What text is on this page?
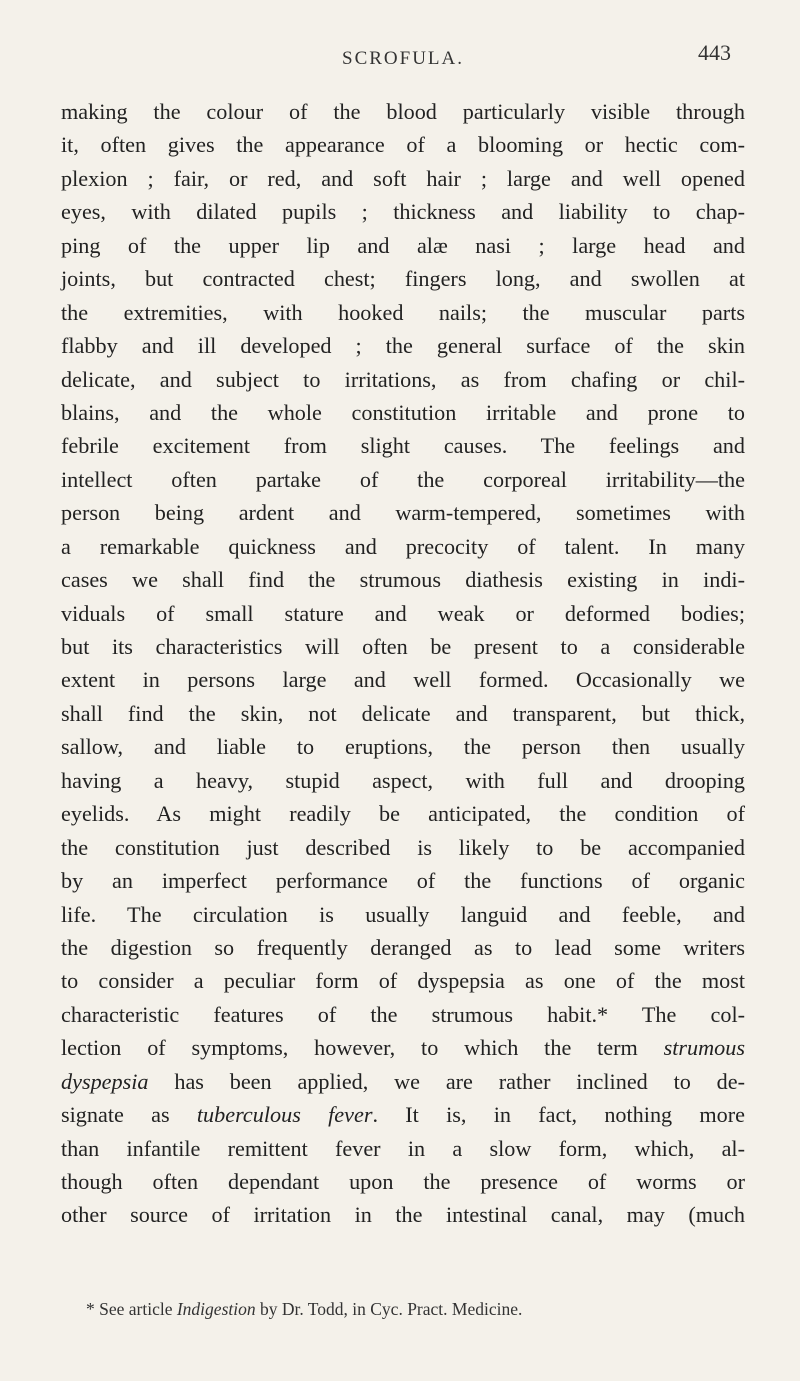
SCROFULA.	443
making the colour of the blood particularly visible through
it, often gives the appearance of a blooming or hectic com-
plexion ; fair, or red, and soft hair ; large and well opened
eyes, with dilated pupils ; thickness and liability to chap-
ping of the upper lip and alæ nasi ; large head and
joints, but contracted chest; fingers long, and swollen at
the extremities, with hooked nails; the muscular parts
flabby and ill developed ; the general surface of the skin
delicate, and subject to irritations, as from chafing or chil-
blains, and the whole constitution irritable and prone to
febrile excitement from slight causes. The feelings and
intellect often partake of the corporeal irritability—the
person being ardent and warm-tempered, sometimes with
a remarkable quickness and precocity of talent. In many
cases we shall find the strumous diathesis existing in indi-
viduals of small stature and weak or deformed bodies;
but its characteristics will often be present to a considerable
extent in persons large and well formed. Occasionally we
shall find the skin, not delicate and transparent, but thick,
sallow, and liable to eruptions, the person then usually
having a heavy, stupid aspect, with full and drooping
eyelids. As might readily be anticipated, the condition of
the constitution just described is likely to be accompanied
by an imperfect performance of the functions of organic
life. The circulation is usually languid and feeble, and
the digestion so frequently deranged as to lead some writers
to consider a peculiar form of dyspepsia as one of the most
characteristic features of the strumous habit.* The col-
lection of symptoms, however, to which the term strumous
dyspepsia has been applied, we are rather inclined to de-
signate as tuberculous fever. It is, in fact, nothing more
than infantile remittent fever in a slow form, which, al-
though often dependant upon the presence of worms or
other source of irritation in the intestinal canal, may (much
* See article Indigestion by Dr. Todd, in Cyc. Pract. Medicine.
